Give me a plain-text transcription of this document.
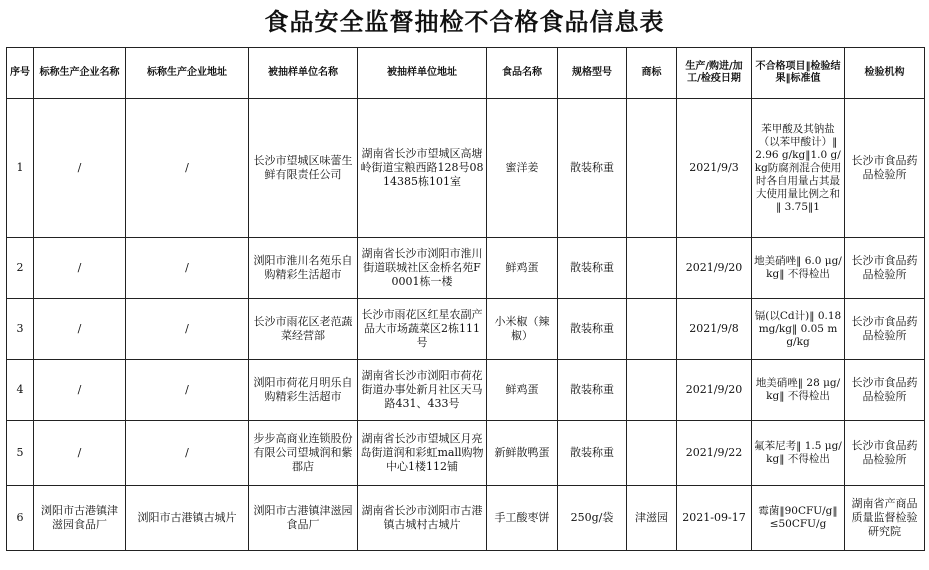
食品安全监督抽检不合格食品信息表
序号	标称生产企业名称	标称生产企业地址	被抽样单位名称	被抽样单位地址	食品名称	规格型号	商标	生产/购进/加工/检疫日期	不合格项目‖检验结果‖标准值	检验机构
1	/	/	长沙市望城区味蕾生鲜有限责任公司	湖南省长沙市望城区高塘岭街道宝粮西路128号0814385栋101室	蜜洋姜	散装称重		2021/9/3	苯甲酸及其钠盐（以苯甲酸计）‖2.96 g/kg‖1.0 g/kg防腐剂混合使用时各自用量占其最大使用量比例之和‖ 3.75‖1	长沙市食品药品检验所
2	/	/	浏阳市淮川名苑乐自购精彩生活超市	湖南省长沙市浏阳市淮川街道联城社区金桥名苑F0001栋一楼	鲜鸡蛋	散装称重		2021/9/20	地美硝唑‖ 6.0 μg/kg‖ 不得检出	长沙市食品药品检验所
3	/	/	长沙市雨花区老范蔬菜经营部	长沙市雨花区红星农副产品大市场蔬菜区2栋111号	小米椒（辣椒）	散装称重		2021/9/8	镉(以Cd计)‖ 0.18 mg/kg‖ 0.05 mg/kg	长沙市食品药品检验所
4	/	/	浏阳市荷花月明乐自购精彩生活超市	湖南省长沙市浏阳市荷花街道办事处新月社区天马路431、433号	鲜鸡蛋	散装称重		2021/9/20	地美硝唑‖ 28 μg/kg‖ 不得检出	长沙市食品药品检验所
5	/	/	步步高商业连锁股份有限公司望城润和紫郡店	湖南省长沙市望城区月亮岛街道润和彩虹mall购物中心1楼112铺	新鲜散鸭蛋	散装称重		2021/9/22	氟苯尼考‖ 1.5 μg/kg‖ 不得检出	长沙市食品药品检验所
6	浏阳市古港镇津滋园食品厂	浏阳市古港镇古城片	浏阳市古港镇津滋园食品厂	湖南省长沙市浏阳市古港镇古城村古城片	手工酸枣饼	250g/袋	津滋园	2021-09-17	霉菌‖90CFU/g‖ ≤50CFU/g	湖南省产商品质量监督检验研究院
